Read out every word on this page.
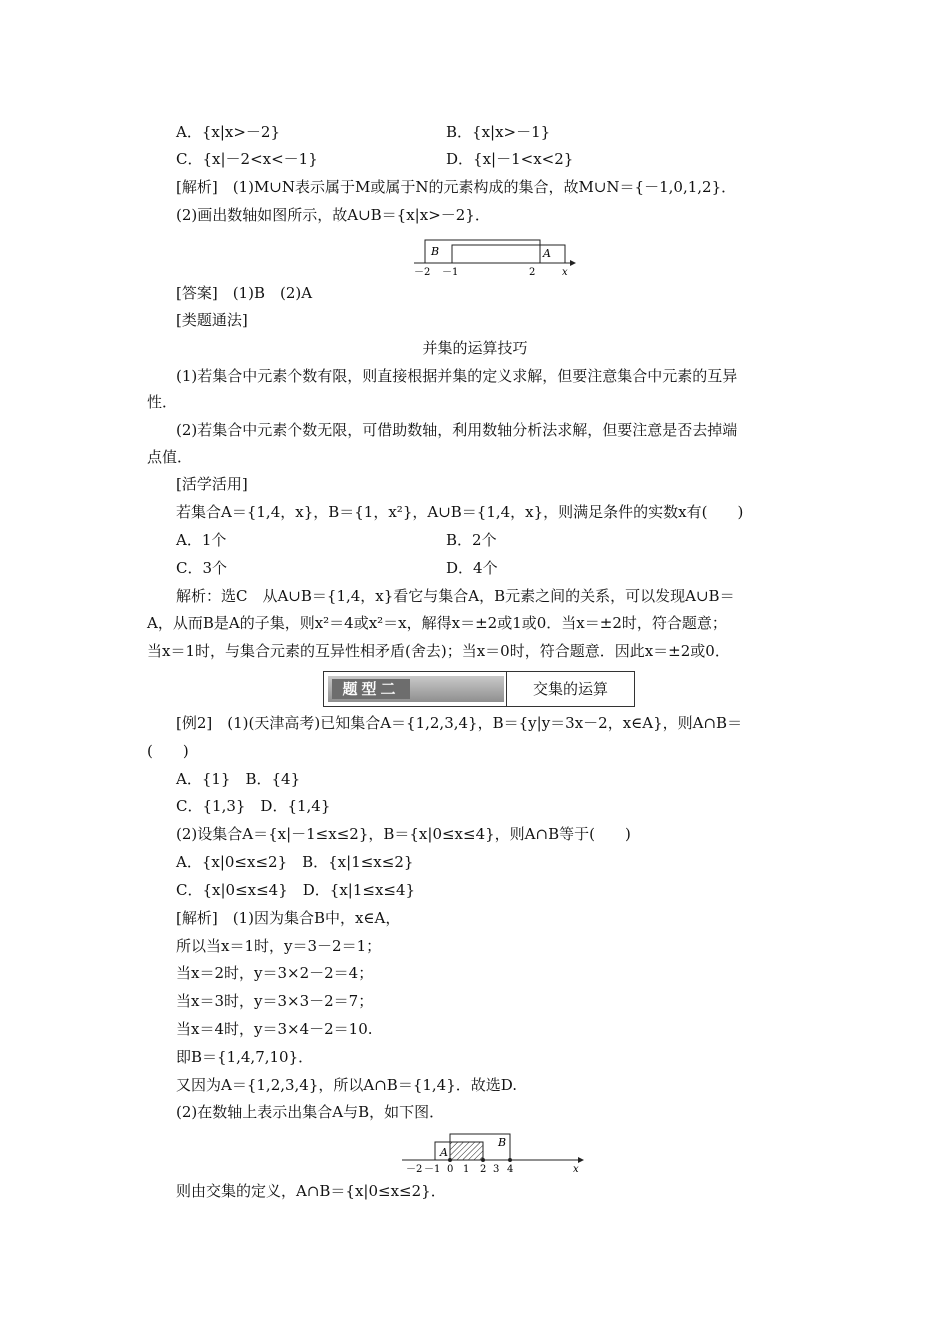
A．{x|x>－2}	B．{x|x>－1}
C．{x|－2<x<－1}	D．{x|－1<x<2}
[解析]　(1)M∪N表示属于M或属于N的元素构成的集合，故M∪N＝{－1,0,1,2}．
(2)画出数轴如图所示，故A∪B＝{x|x>－2}．
B	A
－2 －1	2	x
[答案]　(1)B　(2)A
[类题通法]
并集的运算技巧
(1)若集合中元素个数有限，则直接根据并集的定义求解，但要注意集合中元素的互异
性．
(2)若集合中元素个数无限，可借助数轴，利用数轴分析法求解，但要注意是否去掉端
点值．
[活学活用]
若集合A＝{1,4，x}，B＝{1，x²}，A∪B＝{1,4，x}，则满足条件的实数x有(　　)
A．1个	B．2个
C．3个	D．4个
解析：选C　从A∪B＝{1,4，x}看它与集合A，B元素之间的关系，可以发现A∪B＝
A，从而B是A的子集，则x²＝4或x²＝x，解得x＝±2或1或0．当x＝±2时，符合题意；
当x＝1时，与集合元素的互异性相矛盾(舍去)；当x＝0时，符合题意．因此x＝±2或0．
题型二	交集的运算
[例2]　(1)(天津高考)已知集合A＝{1,2,3,4}，B＝{y|y＝3x－2，x∈A}，则A∩B＝
(　　)
A．{1}　B．{4}
C．{1,3}　D．{1,4}
(2)设集合A＝{x|－1≤x≤2}，B＝{x|0≤x≤4}，则A∩B等于(　　)
A．{x|0≤x≤2}　B．{x|1≤x≤2}
C．{x|0≤x≤4}　D．{x|1≤x≤4}
[解析]　(1)因为集合B中，x∈A，
所以当x＝1时，y＝3－2＝1；
当x＝2时，y＝3×2－2＝4；
当x＝3时，y＝3×3－2＝7；
当x＝4时，y＝3×4－2＝10.
即B＝{1,4,7,10}．
又因为A＝{1,2,3,4}，所以A∩B＝{1,4}．故选D.
(2)在数轴上表示出集合A与B，如下图．
A
B
－2 －1 0 1 2 3 4	x
则由交集的定义，A∩B＝{x|0≤x≤2}．
